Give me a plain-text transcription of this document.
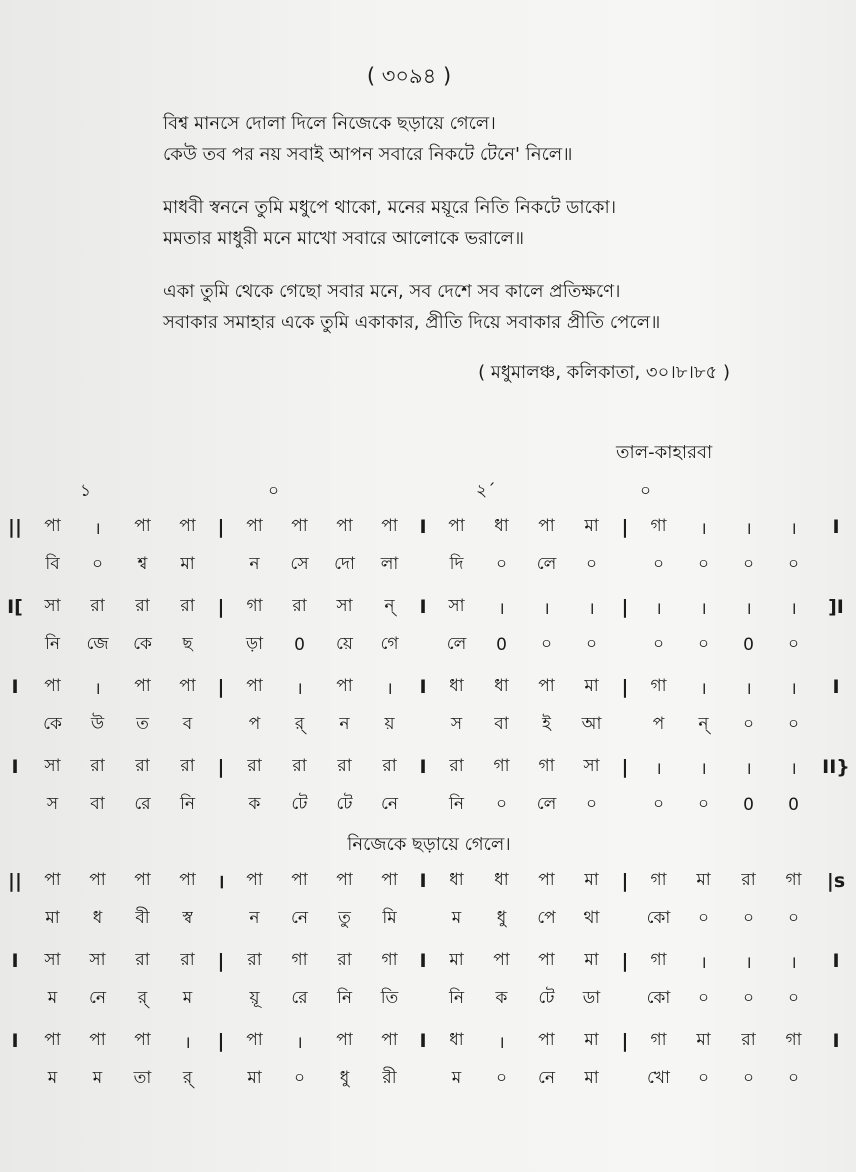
( ৩০৯৪ )
বিশ্ব মানসে দোলা দিলে নিজেকে ছড়ায়ে গেলে।
কেউ তব পর নয় সবাই আপন সবারে নিকটে টেনে' নিলে॥
মাধবী স্বননে তুমি মধুপে থাকো, মনের ময়ূরে নিতি নিকটে ডাকো।
মমতার মাধুরী মনে মাখো সবারে আলোকে ভরালে॥
একা তুমি থেকে গেছো সবার মনে, সব দেশে সব কালে প্রতিক্ষণে।
সবাকার সমাহার একে তুমি একাকার, প্রীতি দিয়ে সবাকার প্রীতি পেলে॥
( মধুমালঞ্চ, কলিকাতা, ৩০।৮।৮৫ )
তাল-কাহারবা
১	০	২´	০
||	পা	।	পা	পা	|	পা	পা	পা	পা	I	পা	ধা	পা	মা	|	গা	।	।	।	I
বি	০	শ্ব	মা	ন	সে	দো	লা	দি	০	লে	০	০	০	০	০
I[	সা	রা	রা	রা	|	গা	রা	সা	ন্	I	সা	।	।	।	|	।	।	।	।	]I
নি	জে	কে	ছ	ড়া	0	য়ে	গে	লে	0	০	০	০	০	0	০
I	পা	।	পা	পা	|	পা	।	পা	।	I	ধা	ধা	পা	মা	|	গা	।	।	।	I
কে	উ	ত	ব	প	র্	ন	য়	স	বা	ই	আ	প	ন্	০	০
I	সা	রা	রা	রা	|	রা	রা	রা	রা	I	রা	গা	গা	সা	|	।	।	।	।	II}
স	বা	রে	নি	ক	টে	টে	নে	নি	০	লে	০	০	০	0	0
নিজেকে ছড়ায়ে গেলে।
||	পা	পা	পা	পা	।	পা	পা	পা	পা	I	ধা	ধা	পা	মা	|	গা	মা	রা	গা	|s
মা	ধ	বী	স্ব	ন	নে	তু	মি	ম	ধু	পে	থা	কো	০	০	০
I	সা	সা	রা	রা	|	রা	গা	রা	গা	I	মা	পা	পা	মা	|	গা	।	।	।	I
ম	নে	র্	ম	য়ূ	রে	নি	তি	নি	ক	টে	ডা	কো	০	০	০
I	পা	পা	পা	।	|	পা	।	পা	পা	I	ধা	।	পা	মা	|	গা	মা	রা	গা	I
ম	ম	তা	র্	মা	০	ধু	রী	ম	০	নে	মা	খো	০	০	০
